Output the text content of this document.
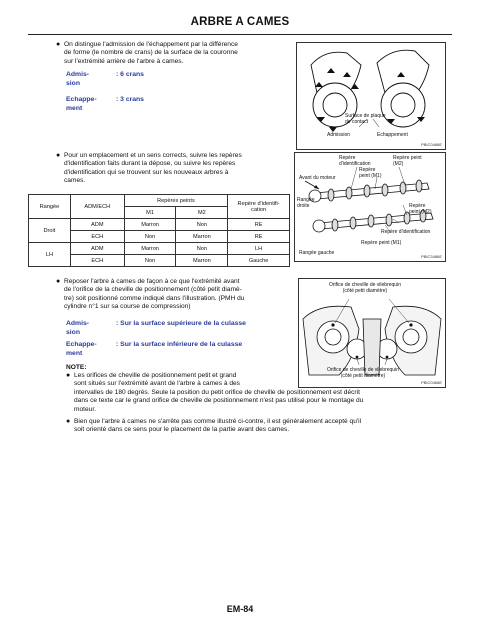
ARBRE A CAMES
● On distingue l'admission de l'échappement par la différence
de forme (le nombre de crans) de la surface de la couronne
sur l'extrémité arrière de l'arbre à cames.
Admis-
sion
: 6 crans
Echappe-
ment
: 3 crans
Surface de plaque
de contact
Admission	Echappement
PBIC0468E
● Pour un emplacement et un sens corrects, suivre les repères
d'identification faits durant la dépose, ou suivre les repères
d'identification qui se trouvent sur les nouveaux arbres à
cames.
Rangée	ADM/ECH	Repères peints		Repère d'identifi-
cation

		M1	M2	
Droit	ADM	Marron	Non	RE
	ECH	Non	Marron	RE
LH	ADM	Marron	Non	LH
	ECH	Non	Marron	Gauche
Repère
d'identification
Repère peint
(M2)
Repère
peint (M1)
Avant du moteur
Rangée
droite	Repère
peint (M2)
Repère d'identification
Repère peint (M1)
Rangée gauche
PBIC3486E
● Reposer l'arbre à cames de façon à ce que l'extrémité avant
de l'orifice de la cheville de positionnement (côté petit diamè-
tre) soit positionné comme indiqué dans l'illustration. (PMH du
cylindre n°1 sur sa course de compression)
Admis-
sion
: Sur la surface supérieure de la culasse
Echappe-
ment
: Sur la surface inférieure de la culasse
NOTE:
● Les orifices de cheville de positionnement petit et grand
sont situés sur l'extrémité avant de l'arbre à cames à des
intervalles de 180 degrés. Seule la position du petit orifice de cheville de positionnement est décrit
dans ce texte car le grand orifice de cheville de positionnement n'est pas utilisé pour le montage du
moteur.
● Bien que l'arbre à cames ne s'arrête pas comme illustré ci-contre, il est généralement accepté qu'il
soit orienté dans ce sens pour le placement de la partie avant des cames.
Orifice de cheville de vilebrequin
(côté petit diamètre)
Orifice de cheville de vilebrequin
(côté petit diamètre)
PBIC0468E
EM-84
